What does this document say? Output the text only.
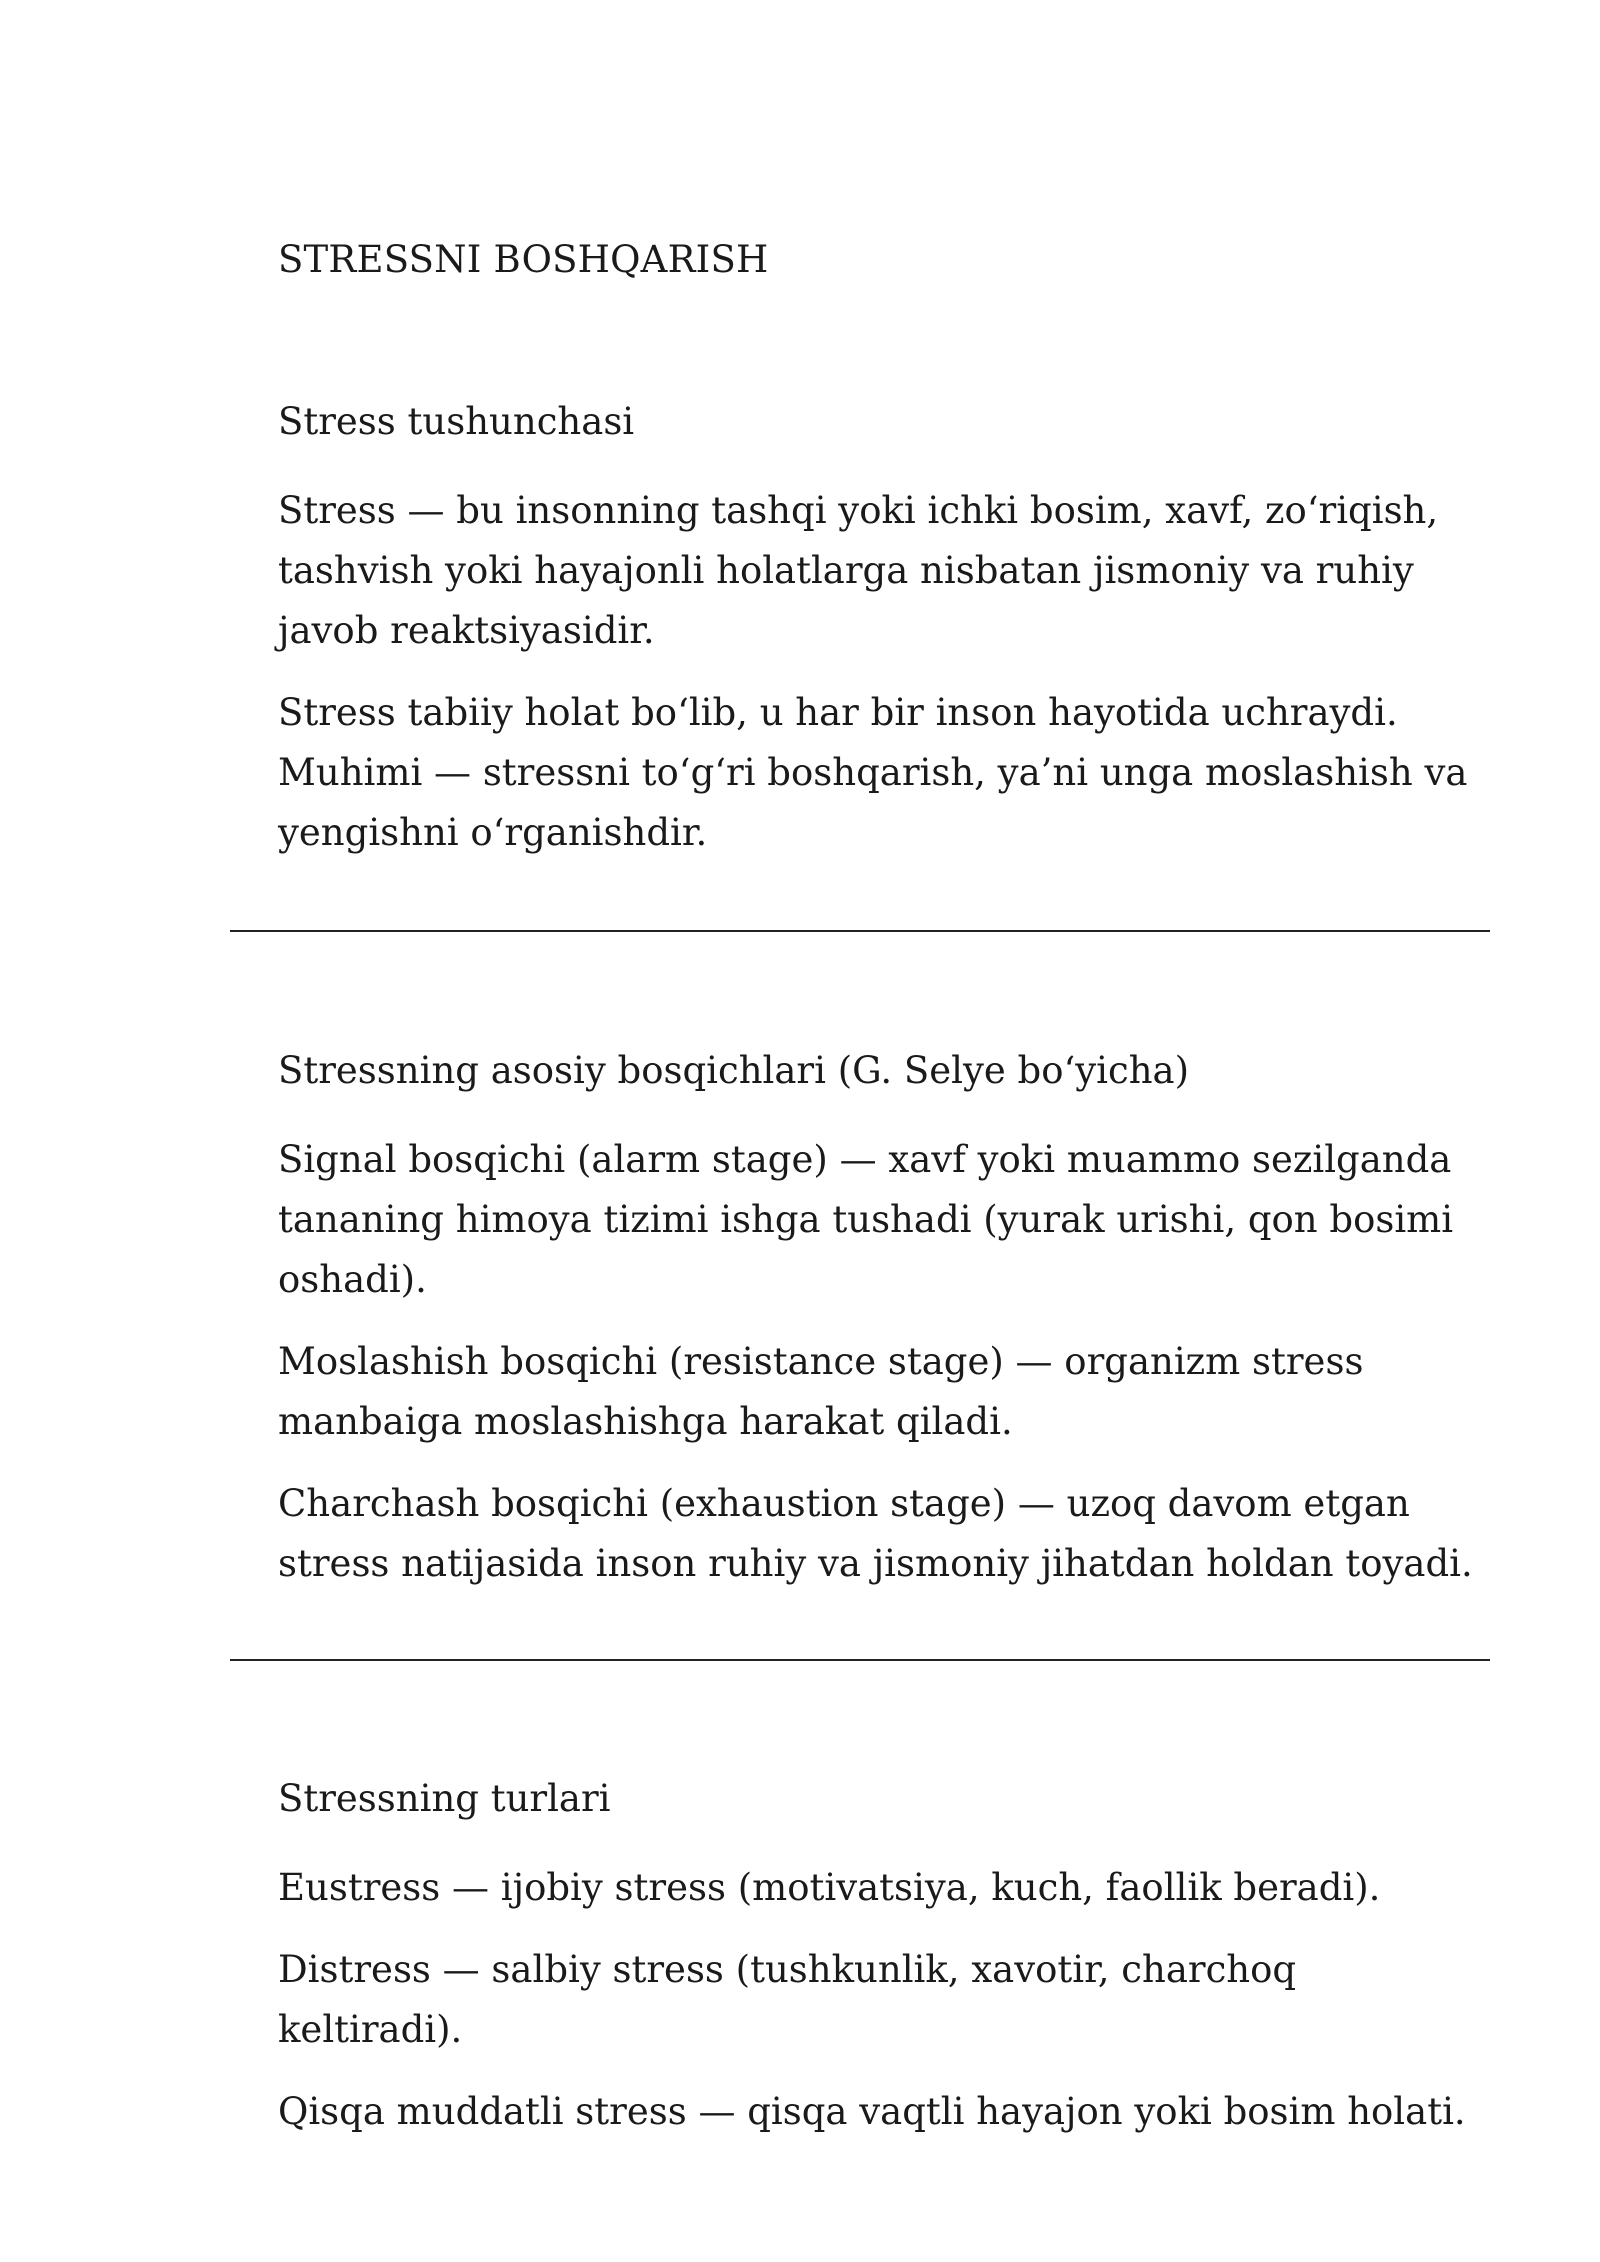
STRESSNI BOSHQARISH
Stress tushunchasi

Stress — bu insonning tashqi yoki ichki bosim, xavf, zo‘riqish, tashvish yoki hayajonli holatlarga nisbatan jismoniy va ruhiy javob reaktsiyasidir.

Stress tabiiy holat bo‘lib, u har bir inson hayotida uchraydi. Muhimi — stressni to‘g‘ri boshqarish, ya’ni unga moslashish va yengishni o‘rganishdir.

Stressning asosiy bosqichlari (G. Selye bo‘yicha)

Signal bosqichi (alarm stage) — xavf yoki muammo sezilganda tananing himoya tizimi ishga tushadi (yurak urishi, qon bosimi oshadi).

Moslashish bosqichi (resistance stage) — organizm stress manbaiga moslashishga harakat qiladi.

Charchash bosqichi (exhaustion stage) — uzoq davom etgan stress natijasida inson ruhiy va jismoniy jihatdan holdan toyadi.

Stressning turlari

Eustress — ijobiy stress (motivatsiya, kuch, faollik beradi).

Distress — salbiy stress (tushkunlik, xavotir, charchoq keltiradi).

Qisqa muddatli stress — qisqa vaqtli hayajon yoki bosim holati.
